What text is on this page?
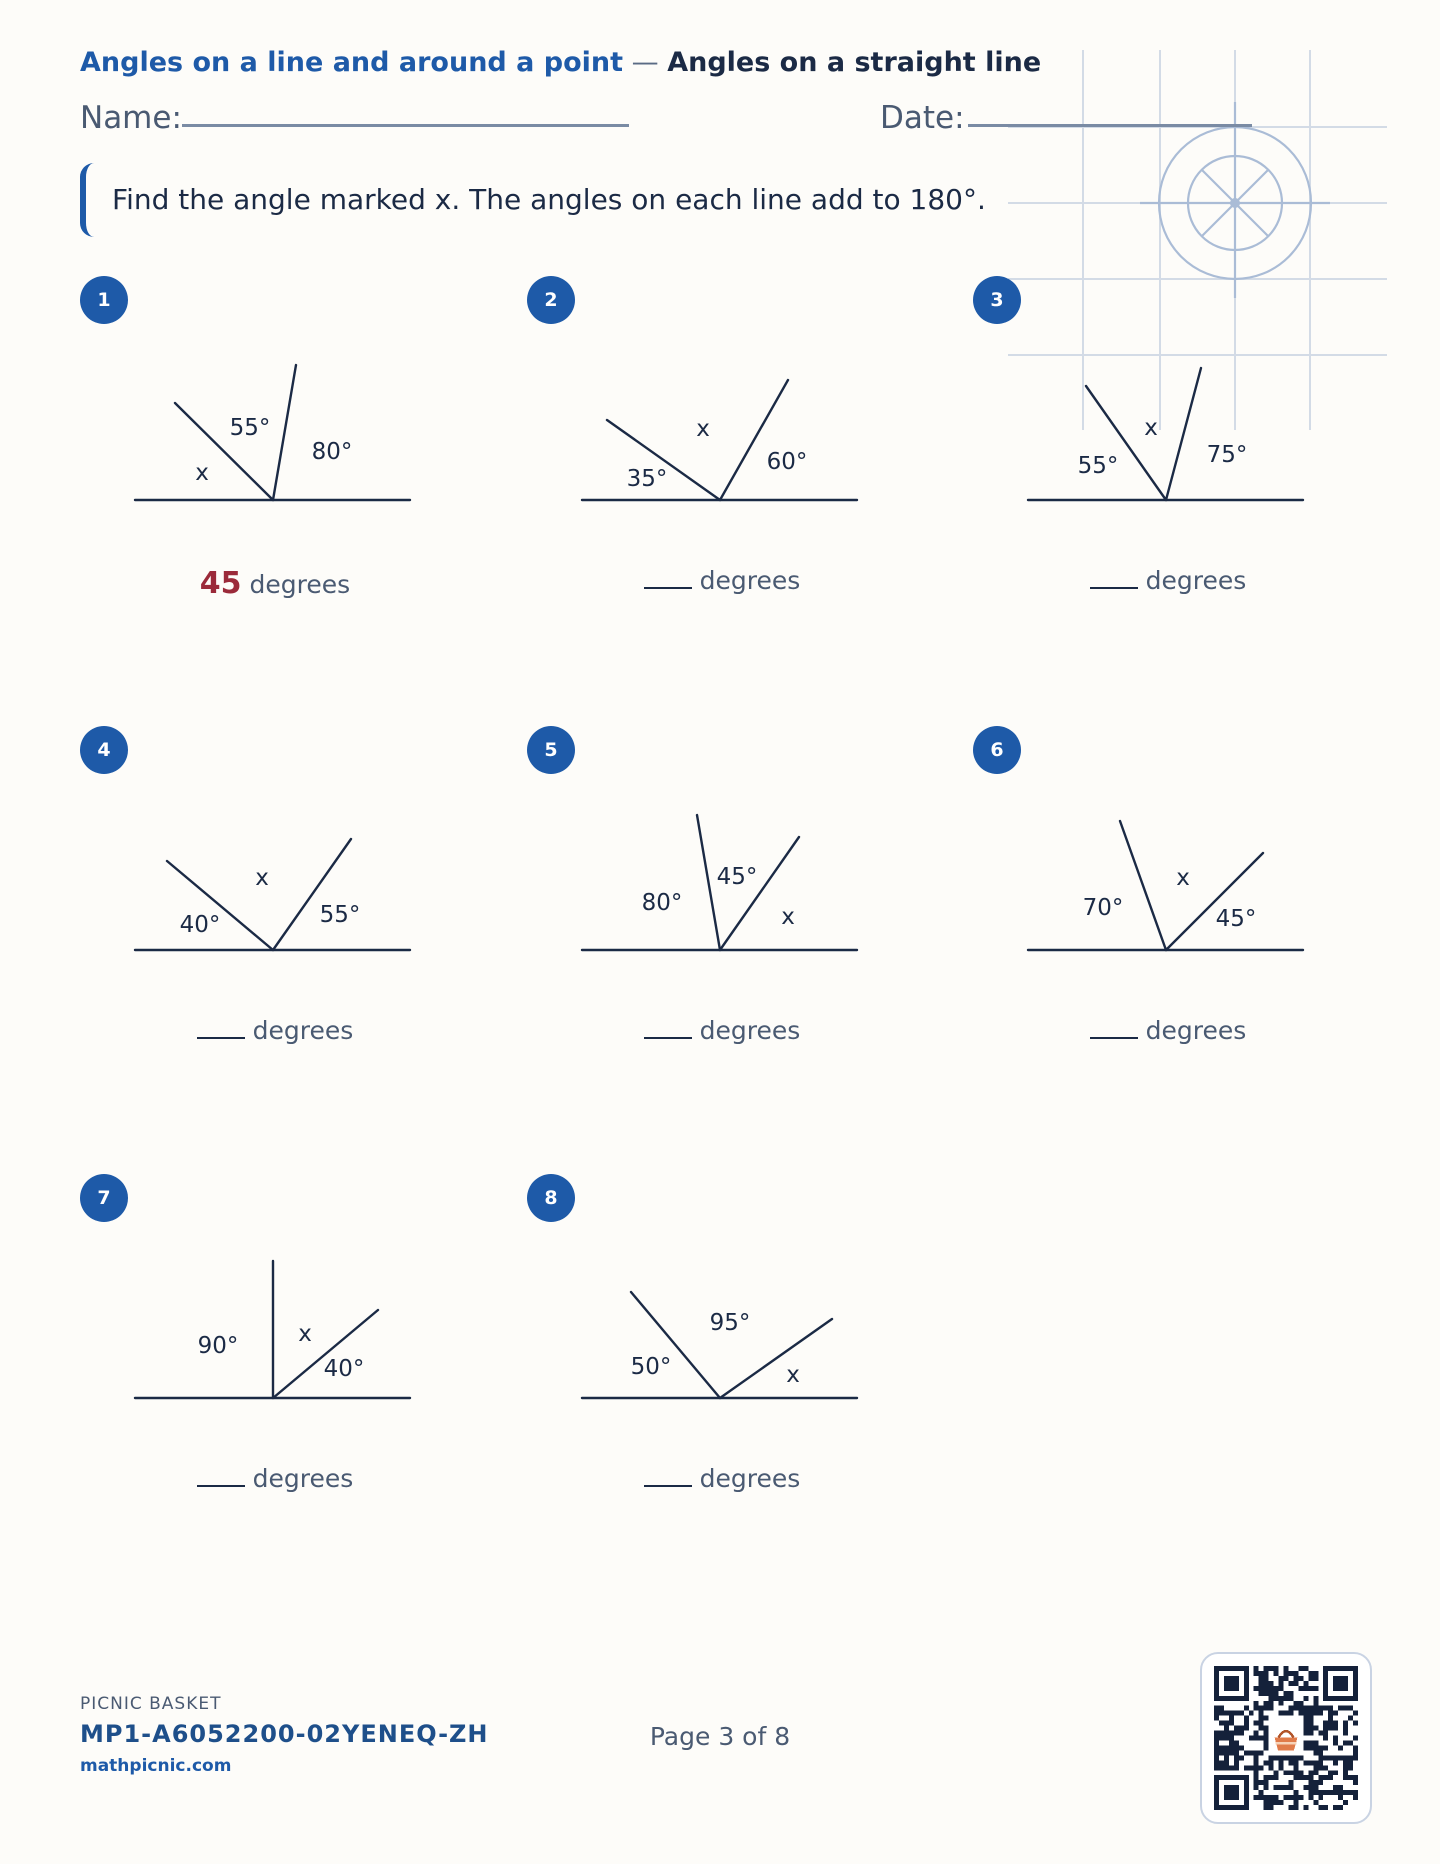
Angles on a line and around a point — Angles on a straight line
Name:	Date:
Find the angle marked x. The angles on each line add to 180°.
1
x
55°
80°
45 degrees
2
35°
x
60°
degrees
3
55°
x
75°
degrees
4
40°
x
55°
degrees
5
80°
45°
x
degrees
6
70°
x
45°
degrees
7
90°	x
40°
degrees
8
50°
95°
x
degrees
PICNIC BASKET
MP1-A6052200-02YENEQ-ZH
mathpicnic.com
Page 3 of 8
